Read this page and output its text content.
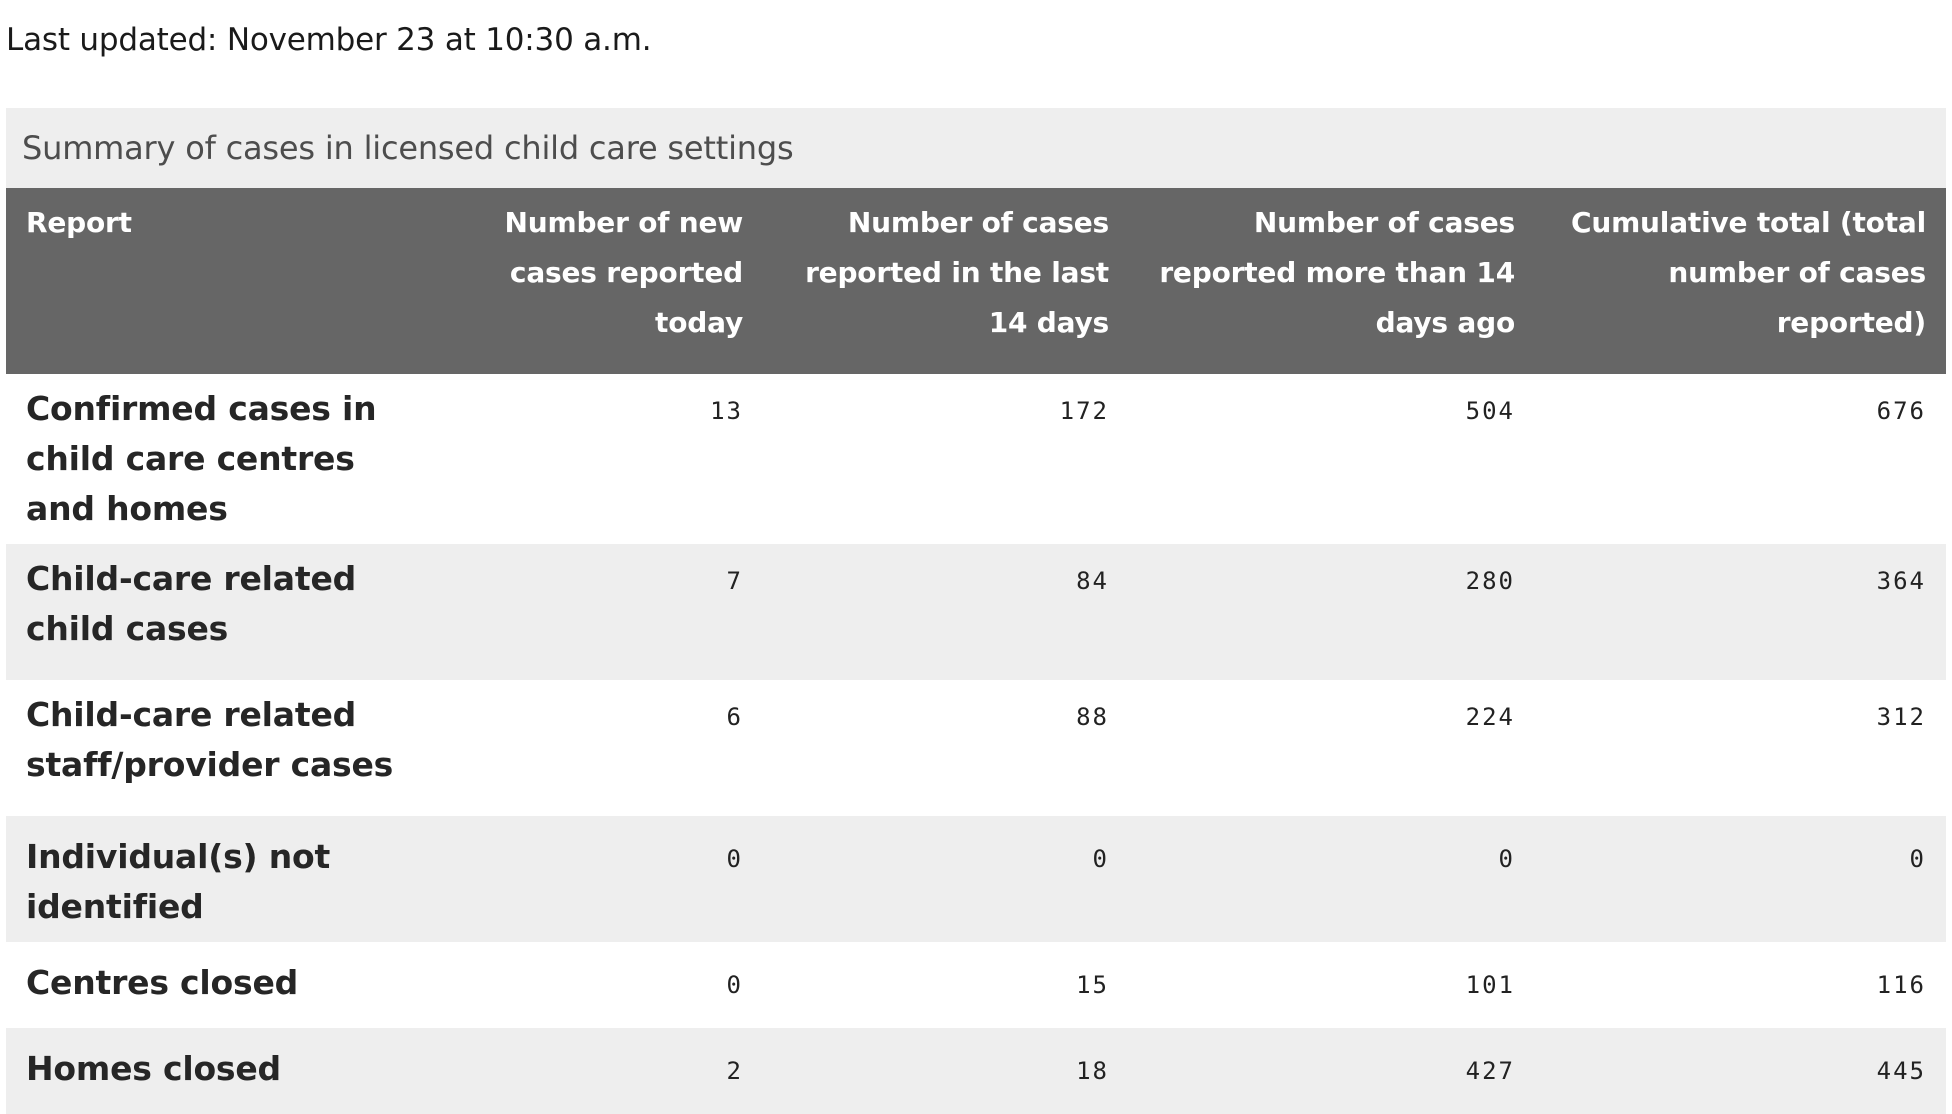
Last updated: November 23 at 10:30 a.m.
Summary of cases in licensed child care settings
Report	Number of new cases reported today	Number of cases reported in the last 14 days	Number of cases reported more than 14 days ago	Cumulative total (total number of cases reported)
Confirmed cases in child care centres and homes	13	172	504	676
Child-care related child cases	7	84	280	364
Child-care related staff/provider cases	6	88	224	312
Individual(s) not identified	0	0	0	0
Centres closed	0	15	101	116
Homes closed	2	18	427	445
